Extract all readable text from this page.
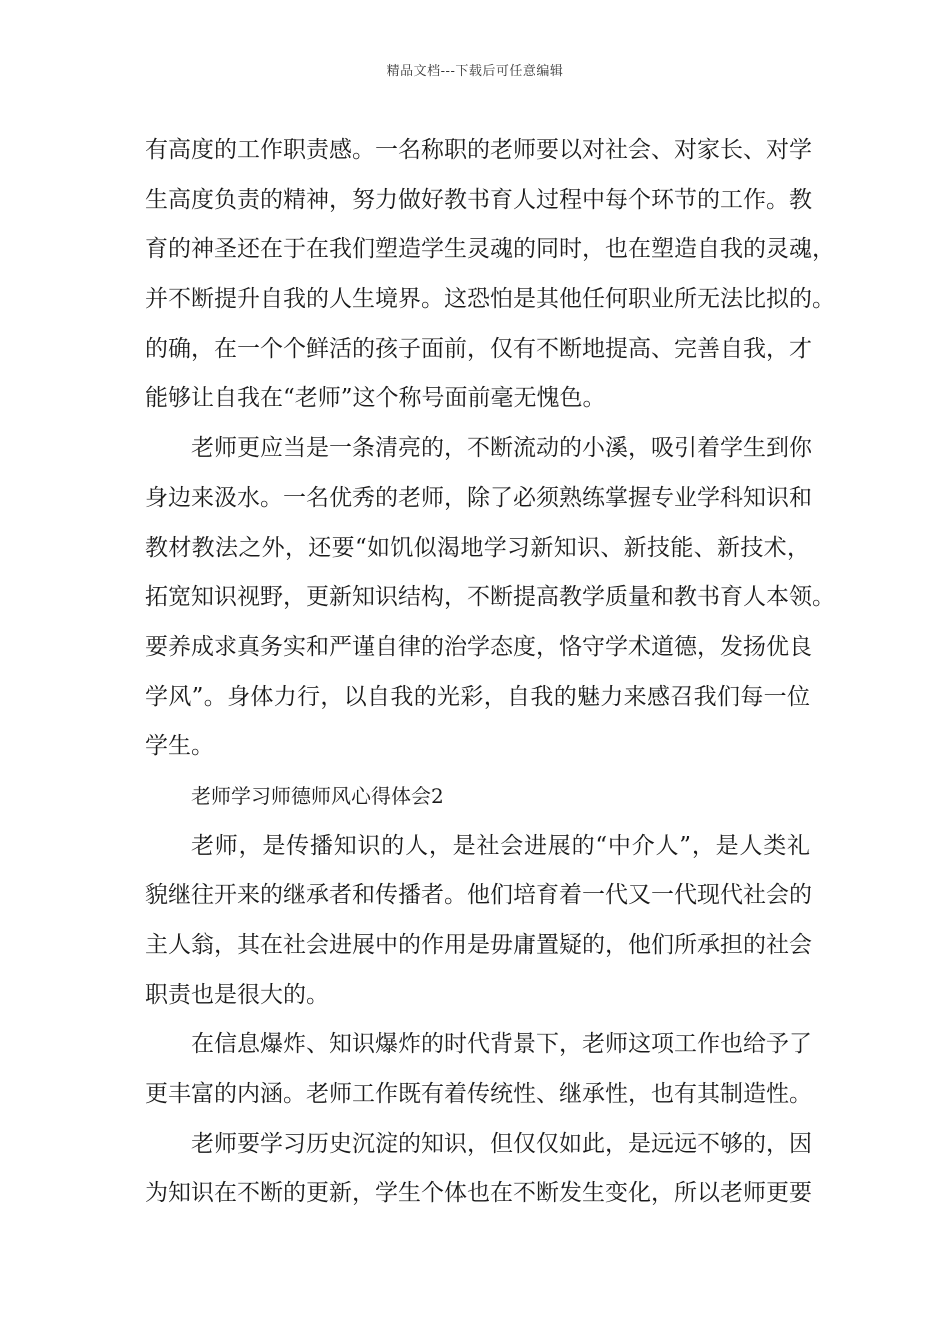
精品文档---下载后可任意编辑
有高度的工作职责感。一名称职的老师要以对社会、对家长、对学
生高度负责的精神，努力做好教书育人过程中每个环节的工作。教
育的神圣还在于在我们塑造学生灵魂的同时，也在塑造自我的灵魂，
并不断提升自我的人生境界。这恐怕是其他任何职业所无法比拟的。
的确，在一个个鲜活的孩子面前，仅有不断地提高、完善自我，才
能够让自我在“老师”这个称号面前毫无愧色。
老师更应当是一条清亮的，不断流动的小溪，吸引着学生到你
身边来汲水。一名优秀的老师，除了必须熟练掌握专业学科知识和
教材教法之外，还要“如饥似渴地学习新知识、新技能、新技术，
拓宽知识视野，更新知识结构，不断提高教学质量和教书育人本领。
要养成求真务实和严谨自律的治学态度，恪守学术道德，发扬优良
学风”。身体力行，以自我的光彩，自我的魅力来感召我们每一位
学生。
老师学习师德师风心得体会2
老师，是传播知识的人，是社会进展的“中介人”，是人类礼
貌继往开来的继承者和传播者。他们培育着一代又一代现代社会的
主人翁，其在社会进展中的作用是毋庸置疑的，他们所承担的社会
职责也是很大的。
在信息爆炸、知识爆炸的时代背景下，老师这项工作也给予了
更丰富的内涵。老师工作既有着传统性、继承性，也有其制造性。
老师要学习历史沉淀的知识，但仅仅如此，是远远不够的，因
为知识在不断的更新，学生个体也在不断发生变化，所以老师更要
